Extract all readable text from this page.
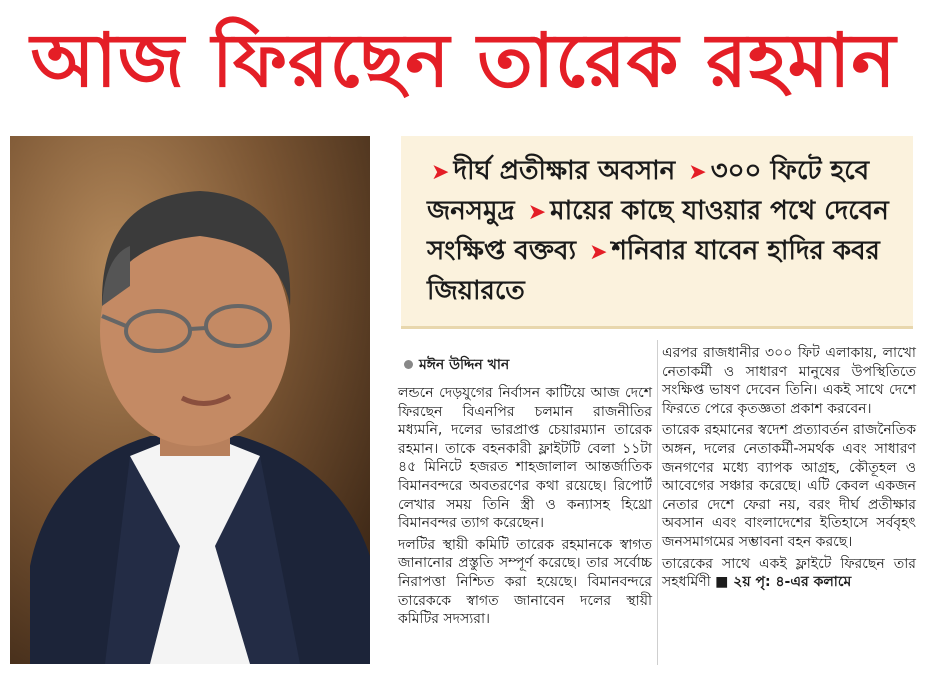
আজ ফিরছেন তারেক রহমান
➤ দীর্ঘ প্রতীক্ষার অবসান ➤ ৩০০ ফিটে হবে জনসমুদ্র ➤ মায়ের কাছে যাওয়ার পথে দেবেন সংক্ষিপ্ত বক্তব্য ➤ শনিবার যাবেন হাদির কবর জিয়ারতে
মঈন উদ্দিন খান

লন্ডনে দেড়যুগের নির্বাসন কাটিয়ে আজ দেশে ফিরছেন বিএনপির চলমান রাজনীতির মধ্যমনি, দলের ভারপ্রাপ্ত চেয়ারম্যান তারেক রহমান। তাকে বহনকারী ফ্লাইটটি বেলা ১১টা ৪৫ মিনিটে হজরত শাহজালাল আন্তর্জাতিক বিমানবন্দরে অবতরণের কথা রয়েছে। রিপোর্ট লেখার সময় তিনি স্ত্রী ও কন্যাসহ হিথ্রো বিমানবন্দর ত্যাগ করেছেন।

দলটির স্থায়ী কমিটি তারেক রহমানকে স্বাগত জানানোর প্রস্তুতি সম্পূর্ণ করেছে। তার সর্বোচ্চ নিরাপত্তা নিশ্চিত করা হয়েছে। বিমানবন্দরে তারেককে স্বাগত জানাবেন দলের স্থায়ী কমিটির সদস্যরা।

এরপর রাজধানীর ৩০০ ফিট এলাকায়, লাখো নেতাকর্মী ও সাধারণ মানুষের উপস্থিতিতে সংক্ষিপ্ত ভাষণ দেবেন তিনি। একই সাথে দেশে ফিরতে পেরে কৃতজ্ঞতা প্রকাশ করবেন।

তারেক রহমানের স্বদেশ প্রত্যাবর্তন রাজনৈতিক অঙ্গন, দলের নেতাকর্মী-সমর্থক এবং সাধারণ জনগণের মধ্যে ব্যাপক আগ্রহ, কৌতূহল ও আবেগের সঞ্চার করেছে। এটি কেবল একজন নেতার দেশে ফেরা নয়, বরং দীর্ঘ প্রতীক্ষার অবসান এবং বাংলাদেশের ইতিহাসে সর্ববৃহৎ জনসমাগমের সম্ভাবনা বহন করছে।

তারেকের সাথে একই ফ্লাইটে ফিরছেন তার সহধর্মিণী ■ ২য় পৃ: ৪-এর কলামে
